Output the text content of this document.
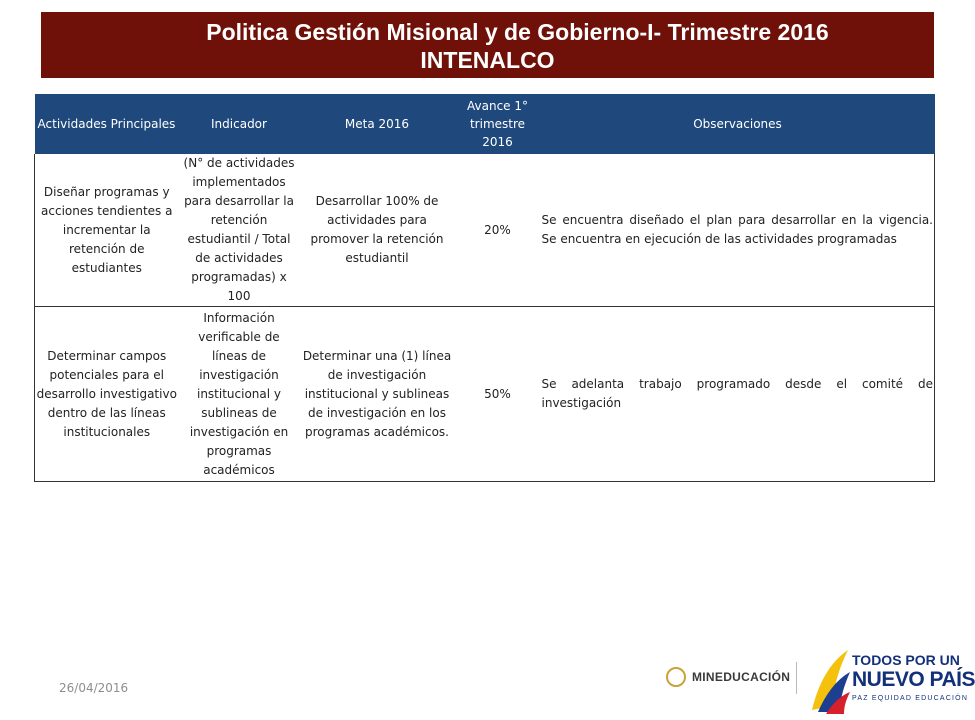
Politica Gestión Misional y de Gobierno-I- Trimestre 2016
INTENALCO
Actividades Principales	Indicador	Meta 2016	Avance 1° trimestre 2016	Observaciones
Diseñar programas y acciones tendientes a incrementar la retención de estudiantes	(N° de actividades implementados para desarrollar la retención estudiantil / Total de actividades programadas) x 100	Desarrollar 100% de actividades para promover la retención estudiantil	20%	Se encuentra diseñado el plan para desarrollar en la vigencia. Se encuentra en ejecución de las actividades programadas
Determinar campos potenciales para el desarrollo investigativo dentro de las líneas institucionales	Información verificable de líneas de investigación institucional y sublineas de investigación en programas académicos	Determinar una (1) línea de investigación institucional y sublineas de investigación en los programas académicos.	50%	Se adelanta trabajo programado desde el comité de investigación
26/04/2016
MINEDUCACIÓN
TODOS POR UN
NUEVO PAÍS
PAZ EQUIDAD EDUCACIÓN
